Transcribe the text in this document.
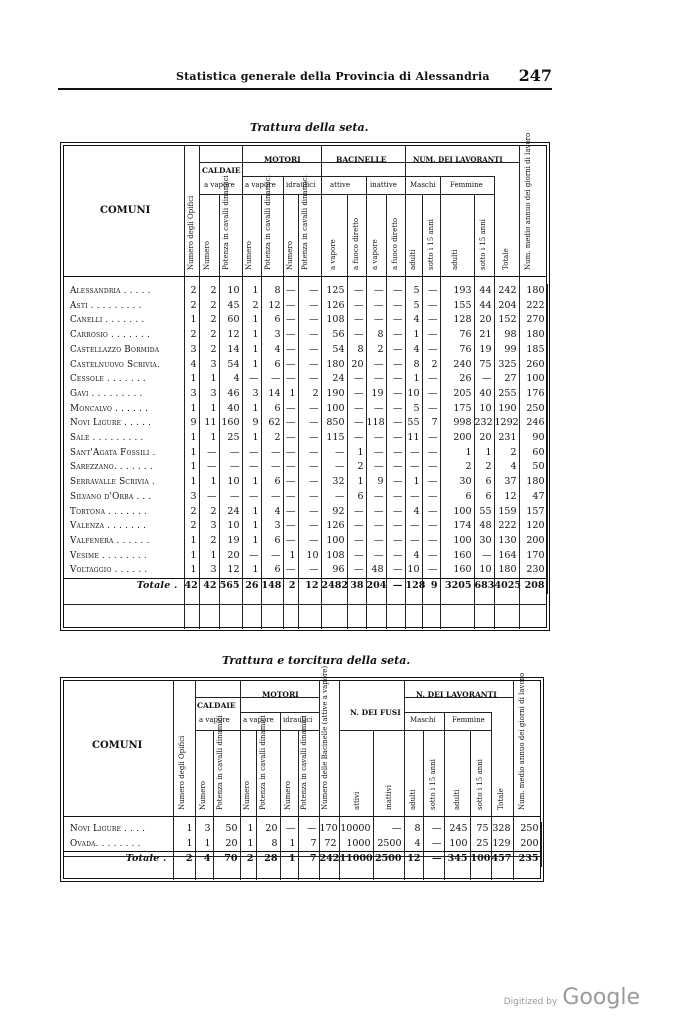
Statistica generale della Provincia di Alessandria 247
Trattura della seta.
COMUNI	Numero degli Opifici
CALDAIE
a vapore
Numero Potenza in cavalli dinamici
MOTORI
a vapore idraulici
Numero Potenza in cavalli dinamici	Numero Potenza in cavalli dinamici
BACINELLE
attive	inattive
a vapore a fuoco diretto a vapore a fuoco diretto
NUM. DEI LAVORANTI
Maschi Femmine
adulti sotto i 15 anni adulti	sotto i 15 anni Totale Num. medio annuo dei giorni di lavoro
Alessandria . . . . .	2	2	10	1	8	—	—	125	—	—	—	5	—	193	44	242	180
Asti . . . . . . . . .	2	2	45	2	12	—	—	126	—	—	—	5	—	155	44	204	222
Canelli . . . . . . .	1	2	60	1	6	—	—	108	—	—	—	4	—	128	20	152	270
Carrosio . . . . . . .	2	2	12	1	3	—	—	56	—	8	—	1	—	76	21	98	180
Castellazzo Bormida	3	2	14	1	4	—	—	54	8	2	—	4	—	76	19	99	185
Castelnuovo Scrivia.	4	3	54	1	6	—	—	180	20	—	—	8	2	240	75	325	260
Cessole . . . . . . .	1	1	4	—	—	—	—	24	—	—	—	1	—	26	—	27	100
Gavi . . . . . . . . .	3	3	46	3	14	1	2	190	—	19	—	10	—	205	40	255	176
Moncalvo . . . . . .	1	1	40	1	6	—	—	100	—	—	—	5	—	175	10	190	250
Novi Ligure . . . . .	9	11	160	9	62	—	—	850	—	118	—	55	7	998	232	1292	246
Sale . . . . . . . . .	1	1	25	1	2	—	—	115	—	—	—	11	—	200	20	231	90
Sant'Agata Fossili .	1	—	—	—	—	—	—	—	1	—	—	—	—	1	1	2	60
Sarezzano. . . . . . .	1	—	—	—	—	—	—	—	2	—	—	—	—	2	2	4	50
Serravalle Scrivia .	1	1	10	1	6	—	—	32	1	9	—	1	—	30	6	37	180
Silvano d'Orba . . .	3	—	—	—	—	—	—	—	6	—	—	—	—	6	6	12	47
Tortona . . . . . . .	2	2	24	1	4	—	—	92	—	—	—	4	—	100	55	159	157
Valenza . . . . . . .	2	3	10	1	3	—	—	126	—	—	—	—	—	174	48	222	120
Valfenera . . . . . .	1	2	19	1	6	—	—	100	—	—	—	—	—	100	30	130	200
Vesime . . . . . . . .	1	1	20	—	—	1	10	108	—	—	—	4	—	160	—	164	170
Voltaggio . . . . . .	1	3	12	1	6	—	—	96	—	48	—	10	—	160	10	180	230
Totale .	42	42	565	26	148	2	12	2482	38	204	—	128	9	3205	683	4025	208
Trattura e torcitura della seta.
COMUNI	Numero degli Opifici
CALDAIE
a vapore
Numero Potenza in cavalli dinamici
MOTORI
a vapore idraulici
Numero Potenza in cavalli dinamici	Numero Potenza in cavalli dinamici	Numero delle Bacinelle (attive a vapore)	N. DEI FUSI
attivi	inattivi
N. DEI LAVORANTI
Maschi Femmine
adulti sotto i 15 anni adulti sotto i 15 anni Totale Num. medio annuo dei giorni di lavoro
Novi Ligure . . . .	1	3	50	1	20	—	—	170	10000	—	8	—	245	75	328	250
Ovada. . . . . . . .	1	1	20	1	8	1	7	72	1000	2500	4	—	100	25	129	200
Totale .	2	4	70	2	28	1	7	242	11000	2500	12	—	345	100	457	235
Digitized by Google
